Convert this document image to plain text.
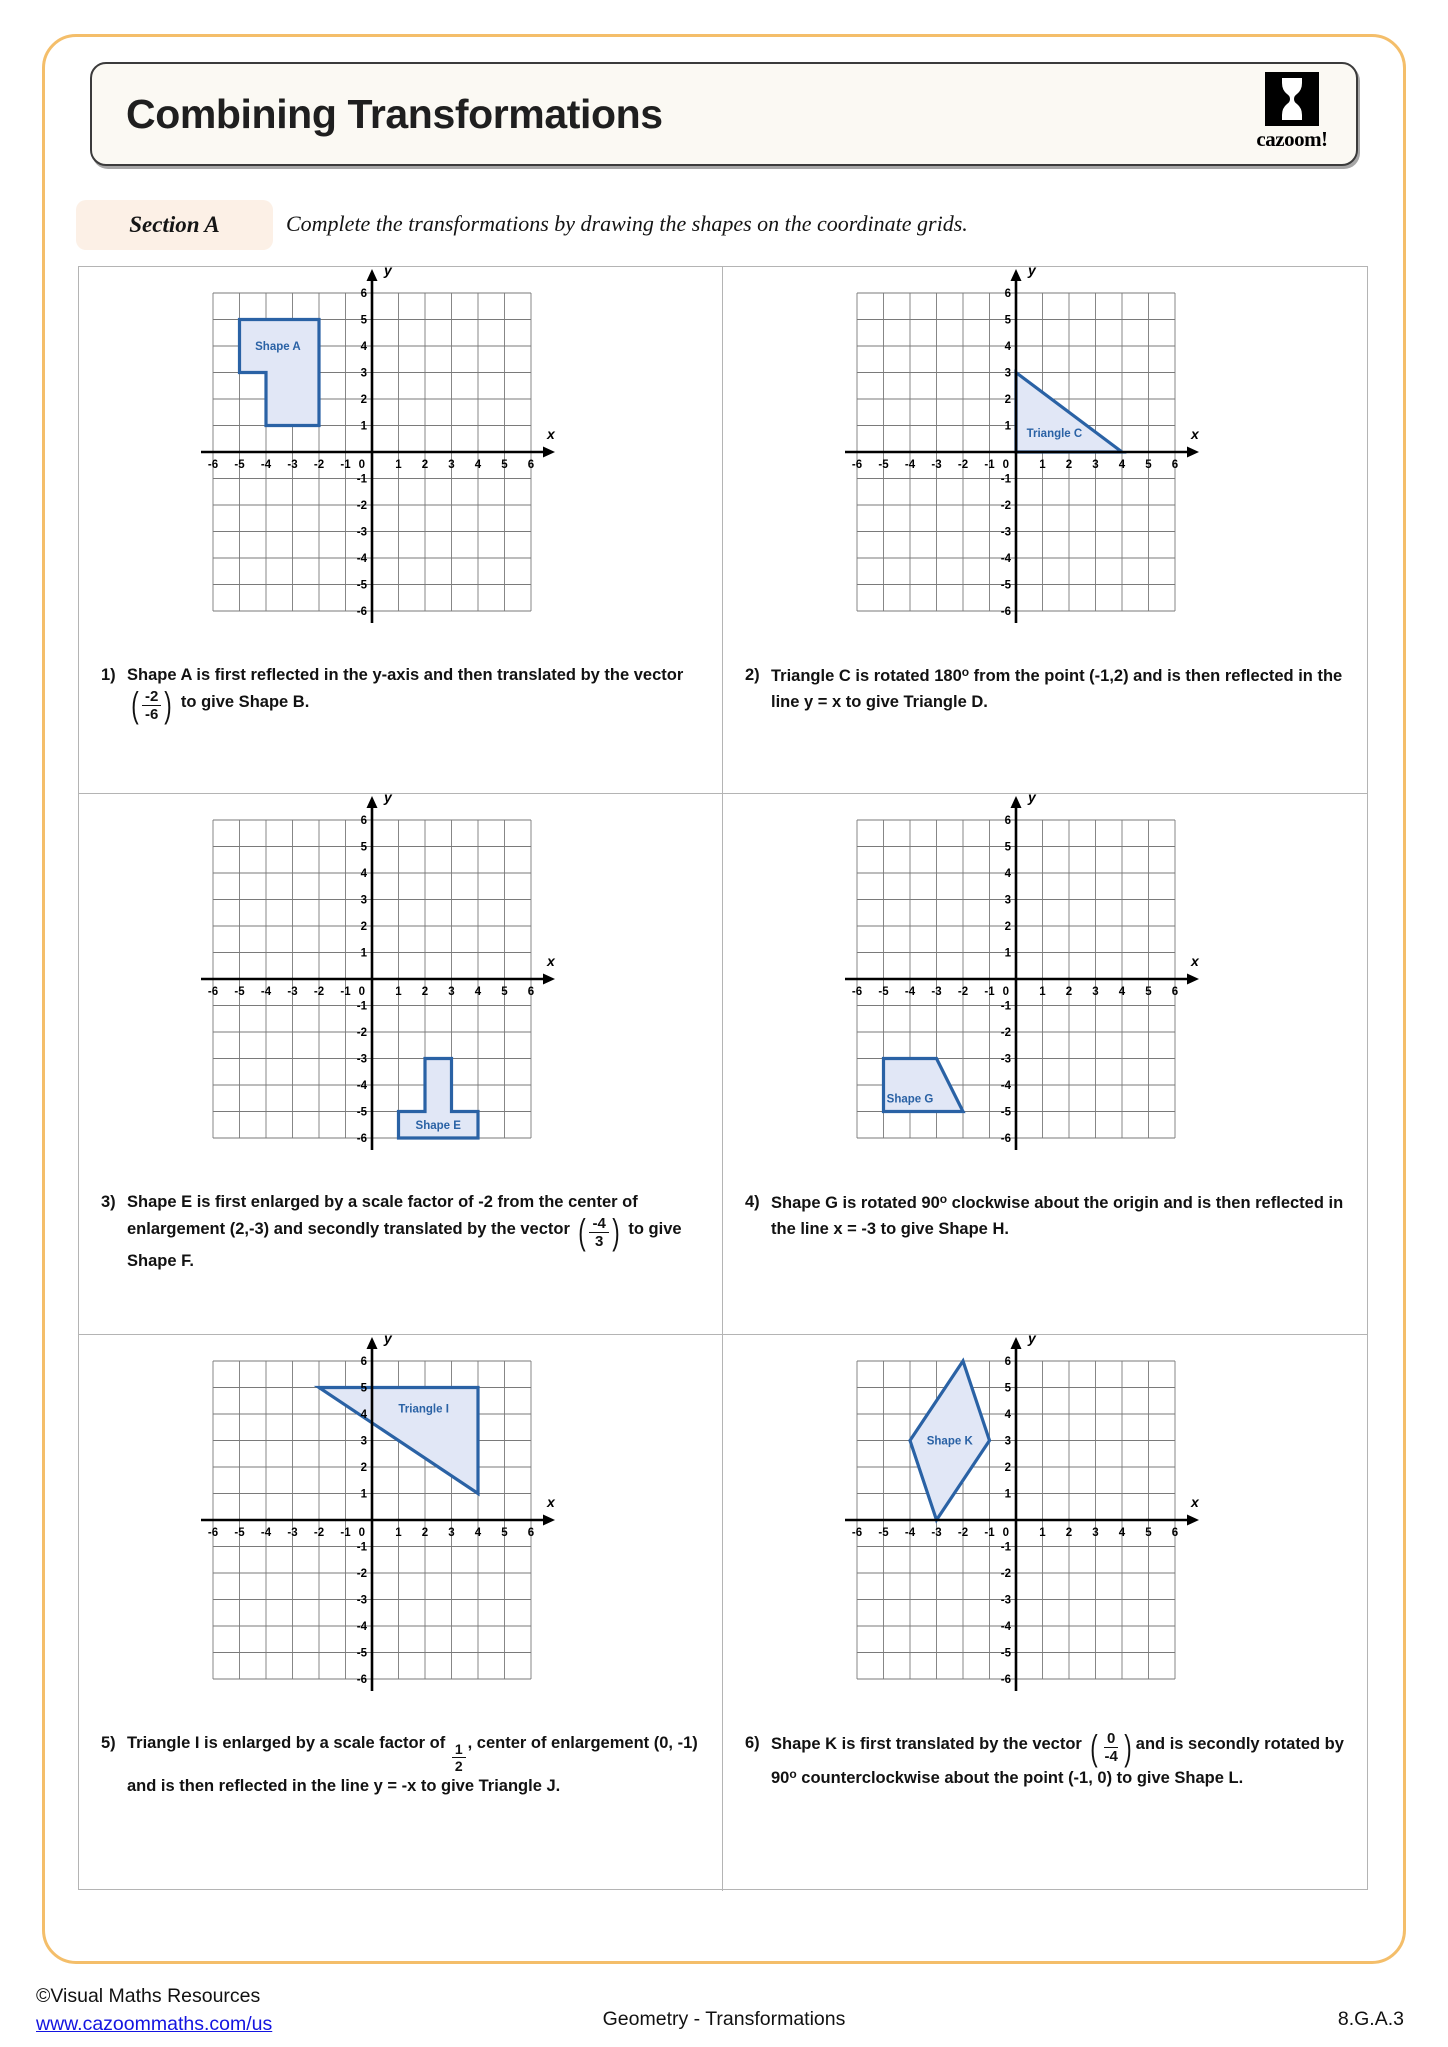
Combining Transformations
cazoom!
Section A	Complete the transformations by drawing the shapes on the coordinate grids.
x
y
-6 -5 -4 -3 -2 -1 0	1 2 3 4 5 6
-6
-5
-4
-3
-2
-1
1
2
3
4
5
6
Shape A
1) Shape A is first reflected in the y-axis and then translated by the vector
( -2
-6 ) to give Shape B.
x
y
-6 -5 -4 -3 -2 -1 0	1 2 3 4 5 6
-6
-5
-4
-3
-2
-1
1
2
3
4
5
6
Triangle C
2) Triangle C is rotated 180$^o$ from the point (-1,2) and is then reflected in the line y = x to give Triangle D.
x
y
-6 -5 -4 -3 -2 -1 0	1 2 3 4 5 6
-6
-5
-4
-3
-2
-1
1
2
3
4
5
6
Shape E
3) Shape E is first enlarged by a scale factor of -2 from the center of enlargement (2,-3) and secondly translated by the vector ( -4
3 ) to give Shape F.
x
y
-6 -5 -4 -3 -2 -1 0	1 2 3 4 5 6
-6
-5
-4
-3
-2
-1
1
2
3
4
5
6
Shape G
4) Shape G is rotated 90$^o$ clockwise about the origin and is then reflected in the line x = -3 to give Shape H.
x
y
-6 -5 -4 -3 -2 -1 0	1 2 3 4 5 6
-6
-5
-4
-3
-2
-1
1
2
3
4
5
6
Triangle I
5) Triangle I is enlarged by a scale factor of $\frac{1}{2}$ , center of enlargement (0, -1) and is then reflected in the line y = -x to give Triangle J.
x
y
-6 -5 -4 -3 -2 -1 0	1 2 3 4 5 6
-6
-5
-4
-3
-2
-1
1
2
3
4
5
6
Shape K
6) Shape K is first translated by the vector ( 0
-4 ) and is secondly rotated by 90$^o$ counterclockwise about the point (-1, 0) to give Shape L.
©Visual Maths Resources
www.cazoommaths.com/us	Geometry - Transformations	8.G.A.3
